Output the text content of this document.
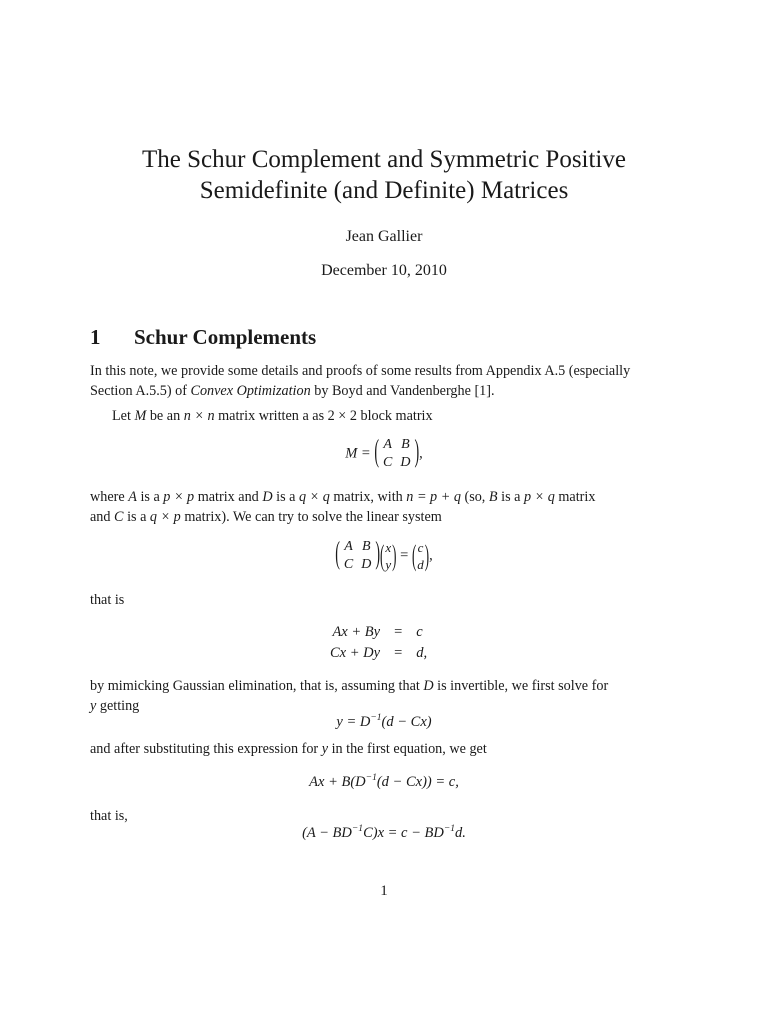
The Schur Complement and Symmetric Positive
Semidefinite (and Definite) Matrices
Jean Gallier
December 10, 2010
1 Schur Complements
In this note, we provide some details and proofs of some results from Appendix A.5 (especially
Section A.5.5) of Convex Optimization by Boyd and Vandenberghe [1].
Let M be an n × n matrix written a as 2 × 2 block matrix
M = ( A	B
C	D ),
where A is a p × p matrix and D is a q × q matrix, with n = p + q (so, B is a p × q matrix
and C is a q × p matrix). We can try to solve the linear system
( A	B
C	D )( x
y ) = ( c
d ),
that is
Ax + By	=	c
Cx + Dy	=	d,
by mimicking Gaussian elimination, that is, assuming that D is invertible, we first solve for
y getting
$y = D^{-1}(d - Cx)$
and after substituting this expression for y in the first equation, we get
$Ax + B(D^{-1}(d - Cx)) = c$,
that is,
$(A - BD^{-1}C)x = c - BD^{-1}d$.
1
